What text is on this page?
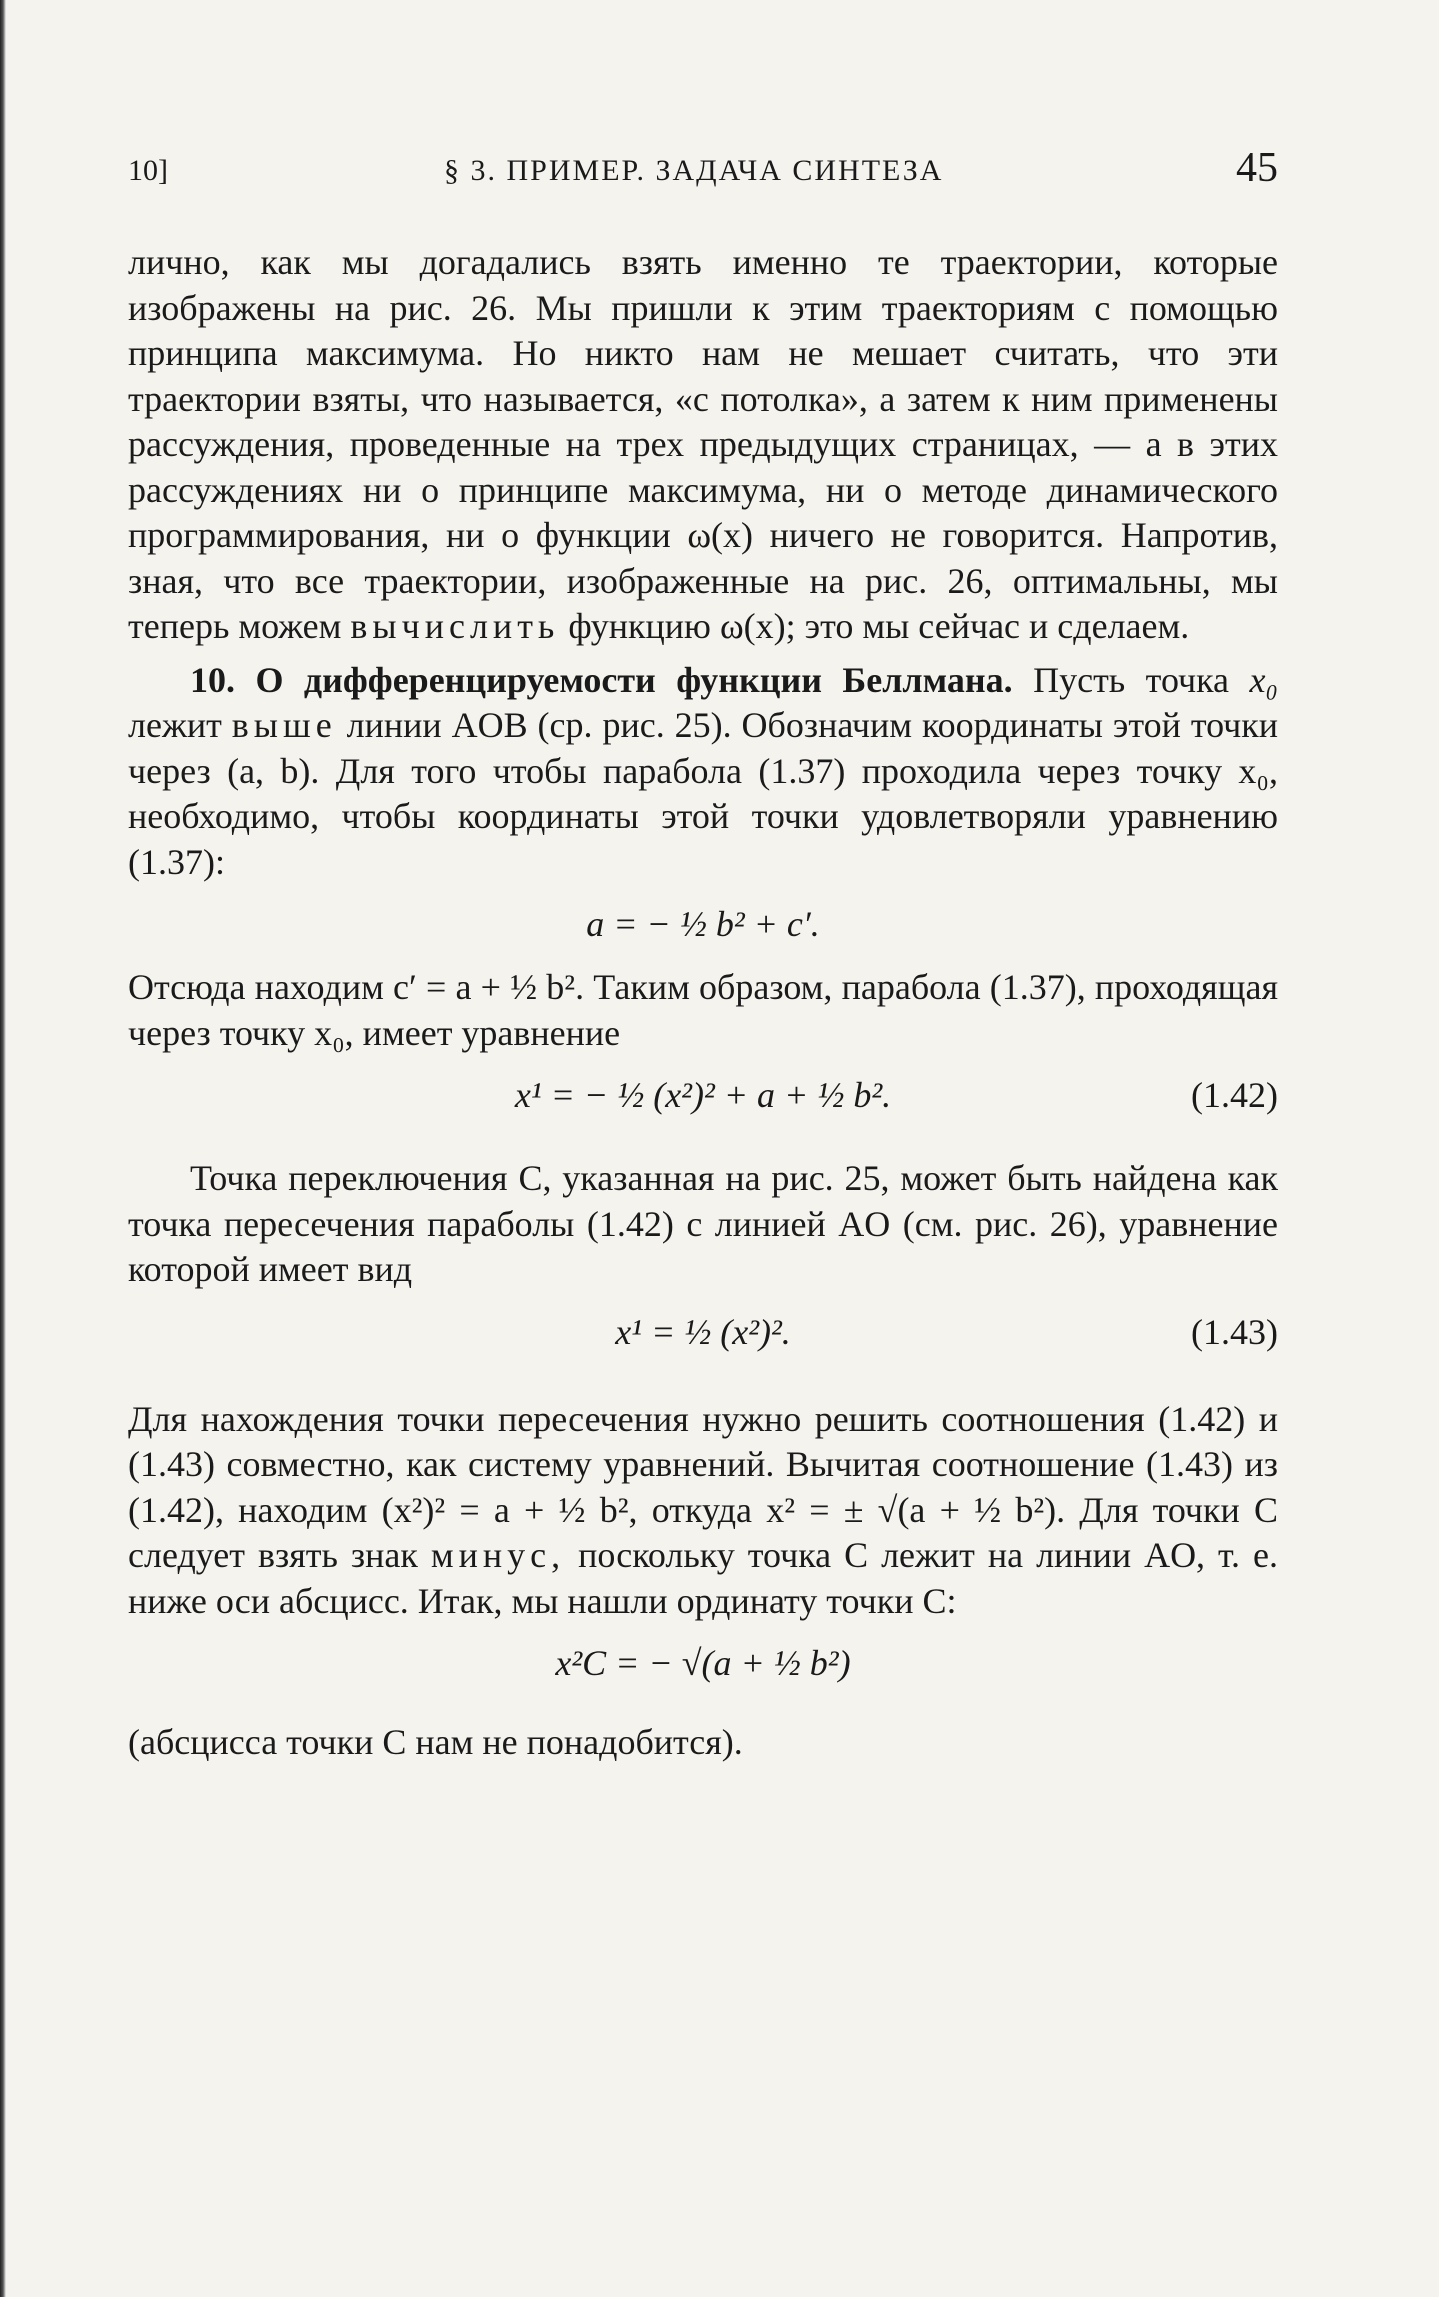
10]	§ 3. ПРИМЕР. ЗАДАЧА СИНТЕЗА	45

лично, как мы догадались взять именно те траектории, которые изображены на рис. 26. Мы пришли к этим траекториям с помощью принципа максимума. Но никто нам не мешает считать, что эти траектории взяты, что называется, «с потолка», а затем к ним применены рассуждения, проведенные на трех предыдущих страницах, — а в этих рассуждениях ни о принципе максимума, ни о методе динамического программирования, ни о функции ω(x) ничего не говорится. Напротив, зная, что все траектории, изображенные на рис. 26, оптимальны, мы теперь можем вычислить функцию ω(x); это мы сейчас и сделаем.

10. О дифференцируемости функции Беллмана. Пусть точка x₀ лежит выше линии AOB (ср. рис. 25). Обозначим координаты этой точки через (a, b). Для того чтобы парабола (1.37) проходила через точку x₀, необходимо, чтобы координаты этой точки удовлетворяли уравнению (1.37):

a = − ½ b² + c′.

Отсюда находим c′ = a + ½ b². Таким образом, парабола (1.37), проходящая через точку x₀, имеет уравнение

x¹ = − ½ (x²)² + a + ½ b².	(1.42)

Точка переключения C, указанная на рис. 25, может быть найдена как точка пересечения параболы (1.42) с линией AO (см. рис. 26), уравнение которой имеет вид

x¹ = ½ (x²)².	(1.43)

Для нахождения точки пересечения нужно решить соотношения (1.42) и (1.43) совместно, как систему уравнений. Вычитая соотношение (1.43) из (1.42), находим (x²)² = a + ½ b², откуда x² = ± √(a + ½ b²). Для точки C следует взять знак минус, поскольку точка C лежит на линии AO, т. е. ниже оси абсцисс. Итак, мы нашли ординату точки C:

x²C = − √(a + ½ b²)

(абсцисса точки C нам не понадобится).
